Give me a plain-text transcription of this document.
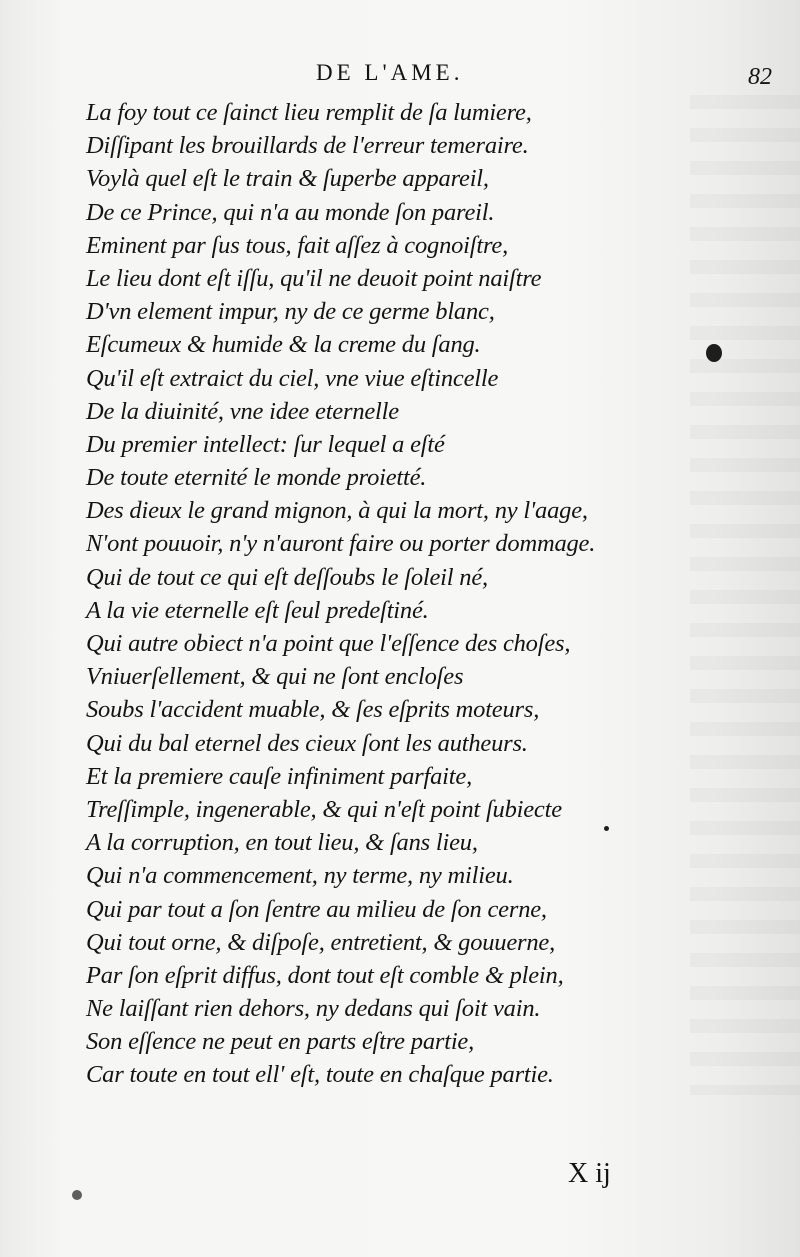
DE L'AME.	82
La foy tout ce ſainct lieu remplit de ſa lumiere,
Diſſipant les brouillards de l'erreur temeraire.
Voylà quel eſt le train & ſuperbe appareil,
De ce Prince, qui n'a au monde ſon pareil.
Eminent par ſus tous, fait aſſez à cognoiſtre,
Le lieu dont eſt iſſu, qu'il ne deuoit point naiſtre
D'vn element impur, ny de ce germe blanc,
Eſcumeux & humide & la creme du ſang.
Qu'il eſt extraict du ciel, vne viue eſtincelle
De la diuinité, vne idee eternelle
Du premier intellect: ſur lequel a eſté
De toute eternité le monde proietté.
Des dieux le grand mignon, à qui la mort, ny l'aage,
N'ont pouuoir, n'y n'auront faire ou porter dommage.
Qui de tout ce qui eſt deſſoubs le ſoleil né,
A la vie eternelle eſt ſeul predeſtiné.
Qui autre obiect n'a point que l'eſſence des choſes,
Vniuerſellement, & qui ne ſont encloſes
Soubs l'accident muable, & ſes eſprits moteurs,
Qui du bal eternel des cieux ſont les autheurs.
Et la premiere cauſe infiniment parfaite,
Treſſimple, ingenerable, & qui n'eſt point ſubiecte
A la corruption, en tout lieu, & ſans lieu,
Qui n'a commencement, ny terme, ny milieu.
Qui par tout a ſon ſentre au milieu de ſon cerne,
Qui tout orne, & diſpoſe, entretient, & gouuerne,
Par ſon eſprit diffus, dont tout eſt comble & plein,
Ne laiſſant rien dehors, ny dedans qui ſoit vain.
Son eſſence ne peut en parts eſtre partie,
Car toute en tout ell' eſt, toute en chaſque partie.
X ij
